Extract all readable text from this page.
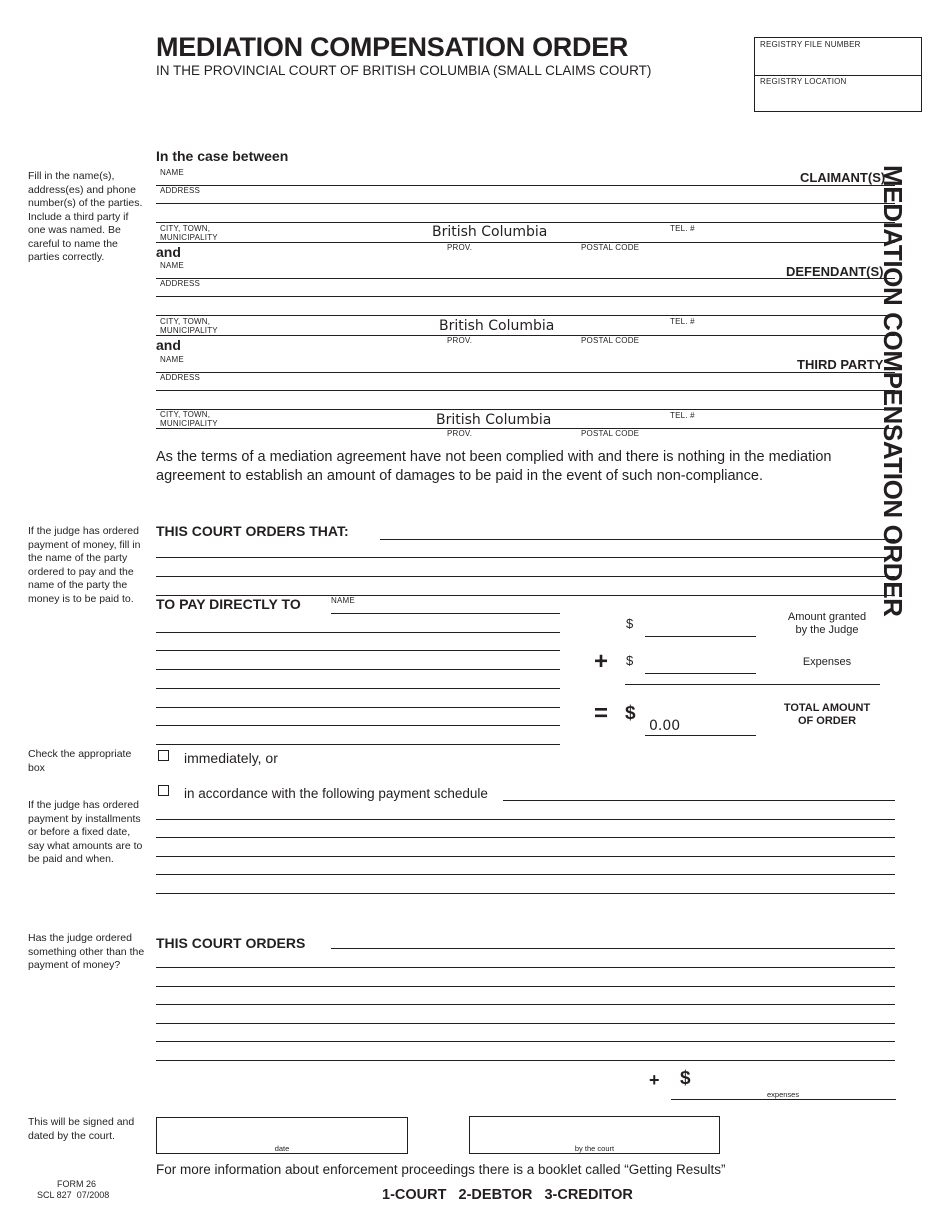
MEDIATION COMPENSATION ORDER
IN THE PROVINCIAL COURT OF BRITISH COLUMBIA (SMALL CLAIMS COURT)
REGISTRY FILE NUMBER
REGISTRY LOCATION
MEDIATION COMPENSATION ORDER
Fill in the name(s), address(es) and phone number(s) of the parties. Include a third party if one was named. Be careful to name the parties correctly.
If the judge has ordered payment of money, fill in the name of the party ordered to pay and the name of the party the money is to be paid to.
Check the appropriate box
If the judge has ordered payment by installments or before a fixed date, say what amounts are to be paid and when.
Has the judge ordered something other than the payment of money?
This will be signed and dated by the court.
In the case between
NAME	CLAIMANT(S)
ADDRESS
CITY, TOWN,
MUNICIPALITY	British Columbia	TEL. #
PROV.	POSTAL CODE
and
NAME	DEFENDANT(S)
ADDRESS
CITY, TOWN,
MUNICIPALITY	British Columbia	TEL. #
PROV.	POSTAL CODE
and
NAME	THIRD PARTY
ADDRESS
CITY, TOWN,
MUNICIPALITY	British Columbia	TEL. #
PROV.	POSTAL CODE
As the terms of a mediation agreement have not been complied with and there is nothing in the mediation agreement to establish an amount of damages to be paid in the event of such non-compliance.
THIS COURT ORDERS THAT:
TO PAY DIRECTLY TO	NAME
$	Amount granted by the Judge
+ $	Expenses
= $
0.00
TOTAL AMOUNT OF ORDER
immediately, or
in accordance with the following payment schedule
THIS COURT ORDERS
+ $
expenses
date	by the court
For more information about enforcement proceedings there is a booklet called “Getting Results”
FORM 26
SCL 827  07/2008	1-COURT   2-DEBTOR   3-CREDITOR
